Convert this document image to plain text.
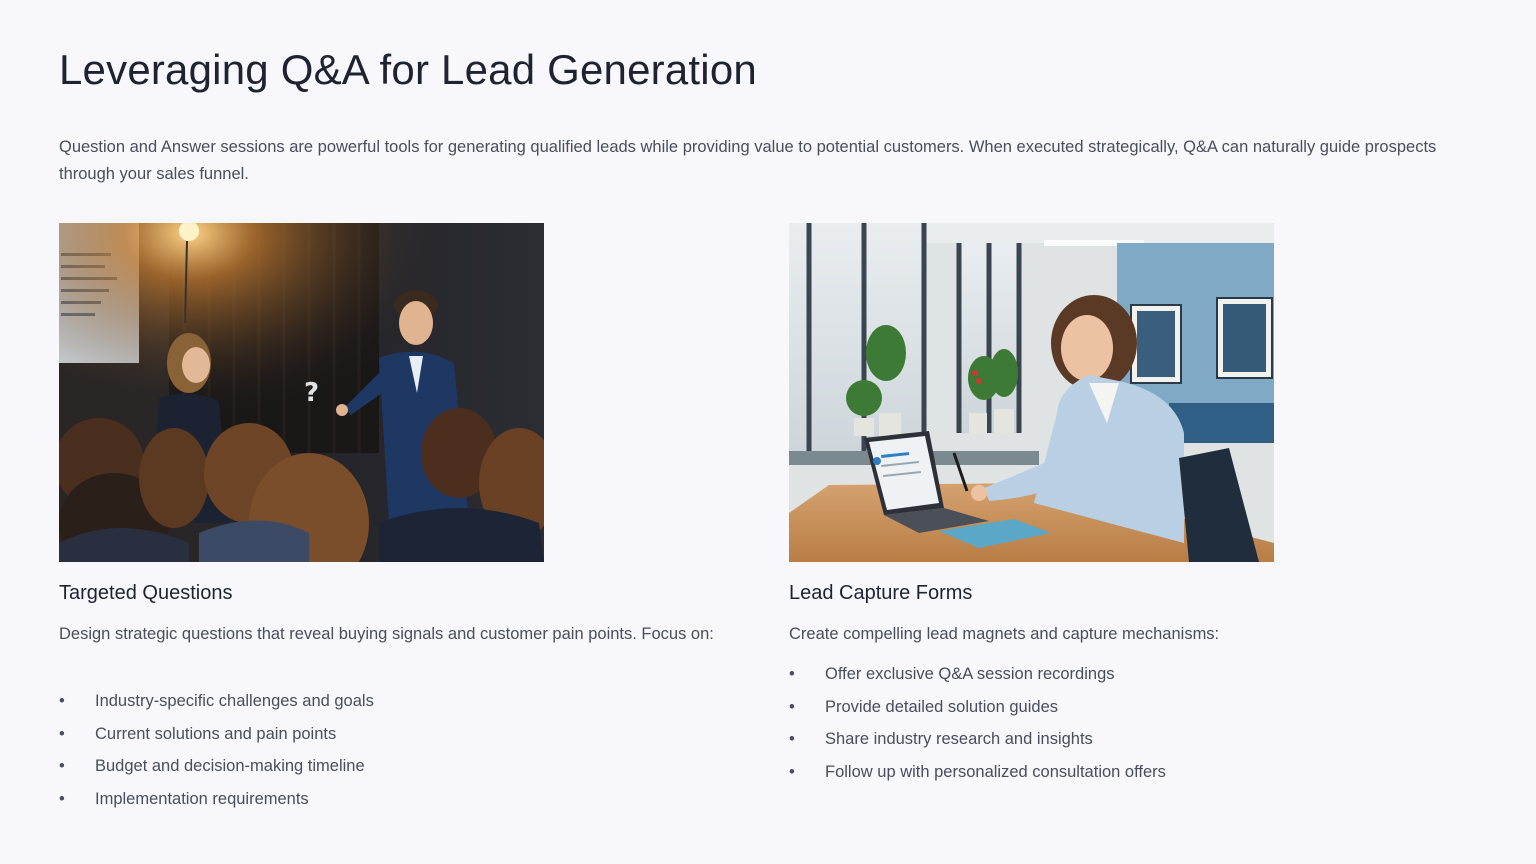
Leveraging Q&A for Lead Generation

Question and Answer sessions are powerful tools for generating qualified leads while providing value to potential customers. When executed strategically, Q&A can naturally guide prospects through your sales funnel.

?
Targeted Questions

Design strategic questions that reveal buying signals and customer pain points. Focus on:

• Industry-specific challenges and goals
• Current solutions and pain points
• Budget and decision-making timeline
• Implementation requirements
Lead Capture Forms

Create compelling lead magnets and capture mechanisms:

• Offer exclusive Q&A session recordings
• Provide detailed solution guides
• Share industry research and insights
• Follow up with personalized consultation offers
